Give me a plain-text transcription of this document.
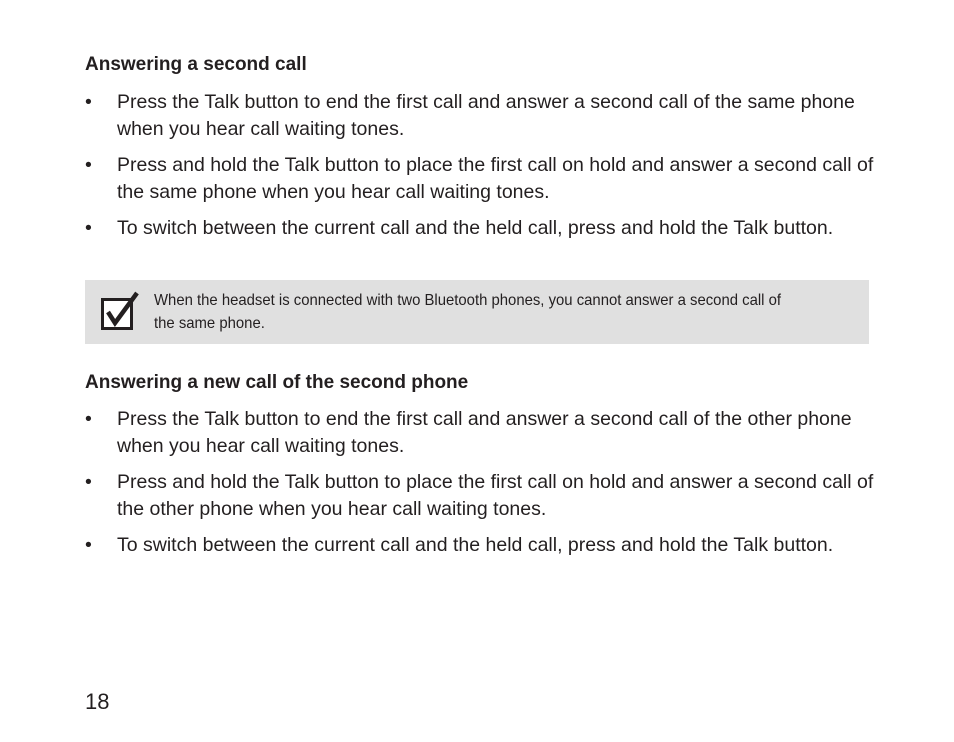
Answering a second call
•	Press the Talk button to end the first call and answer a second call of the same phone when you hear call waiting tones.
•	Press and hold the Talk button to place the first call on hold and answer a second call of the same phone when you hear call waiting tones.
•	To switch between the current call and the held call, press and hold the Talk button.
When the headset is connected with two Bluetooth phones, you cannot answer a second call of the same phone.
Answering a new call of the second phone
•	Press the Talk button to end the first call and answer a second call of the other phone when you hear call waiting tones.
•	Press and hold the Talk button to place the first call on hold and answer a second call of the other phone when you hear call waiting tones.
•	To switch between the current call and the held call, press and hold the Talk button.
18
